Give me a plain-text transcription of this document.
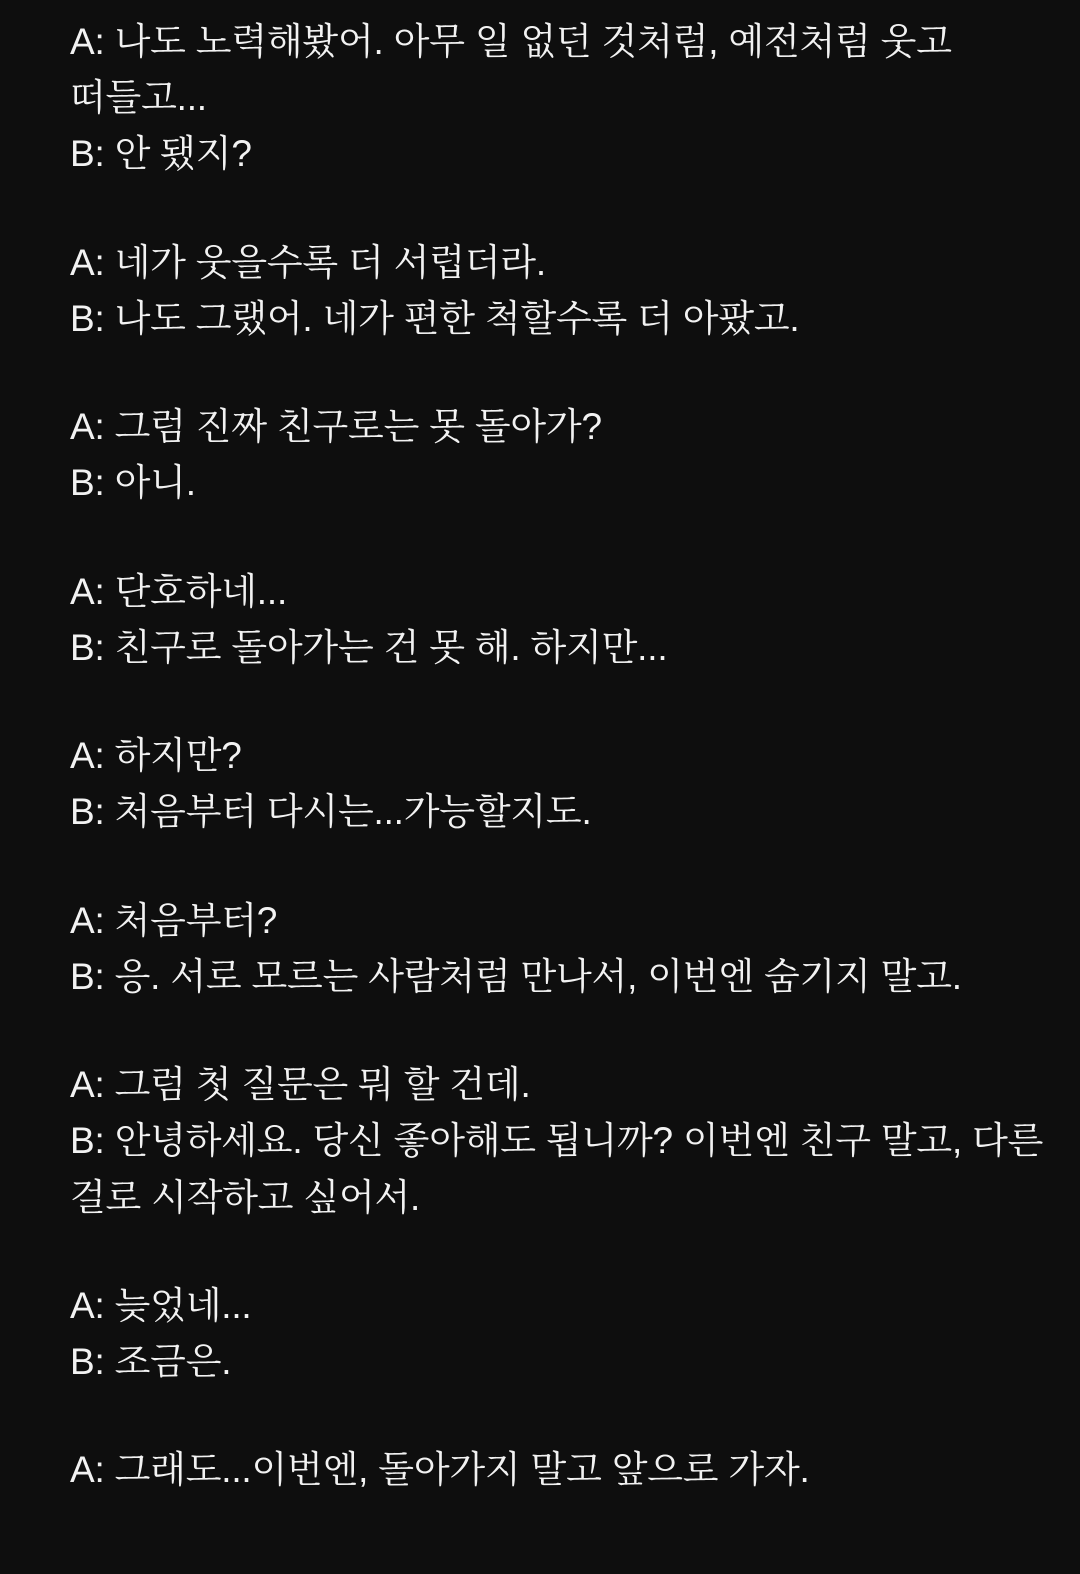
A: 나도 노력해봤어. 아무 일 없던 것처럼, 예전처럼 웃고 떠들고...

B: 안 됐지?

A: 네가 웃을수록 더 서럽더라.

B: 나도 그랬어. 네가 편한 척할수록 더 아팠고.

A: 그럼 진짜 친구로는 못 돌아가?

B: 아니.

A: 단호하네...

B: 친구로 돌아가는 건 못 해. 하지만...

A: 하지만?

B: 처음부터 다시는...가능할지도.

A: 처음부터?

B: 응. 서로 모르는 사람처럼 만나서, 이번엔 숨기지 말고.

A: 그럼 첫 질문은 뭐 할 건데.

B: 안녕하세요. 당신 좋아해도 됩니까? 이번엔 친구 말고, 다른 걸로 시작하고 싶어서.

A: 늦었네...

B: 조금은.

A: 그래도...이번엔, 돌아가지 말고 앞으로 가자.
